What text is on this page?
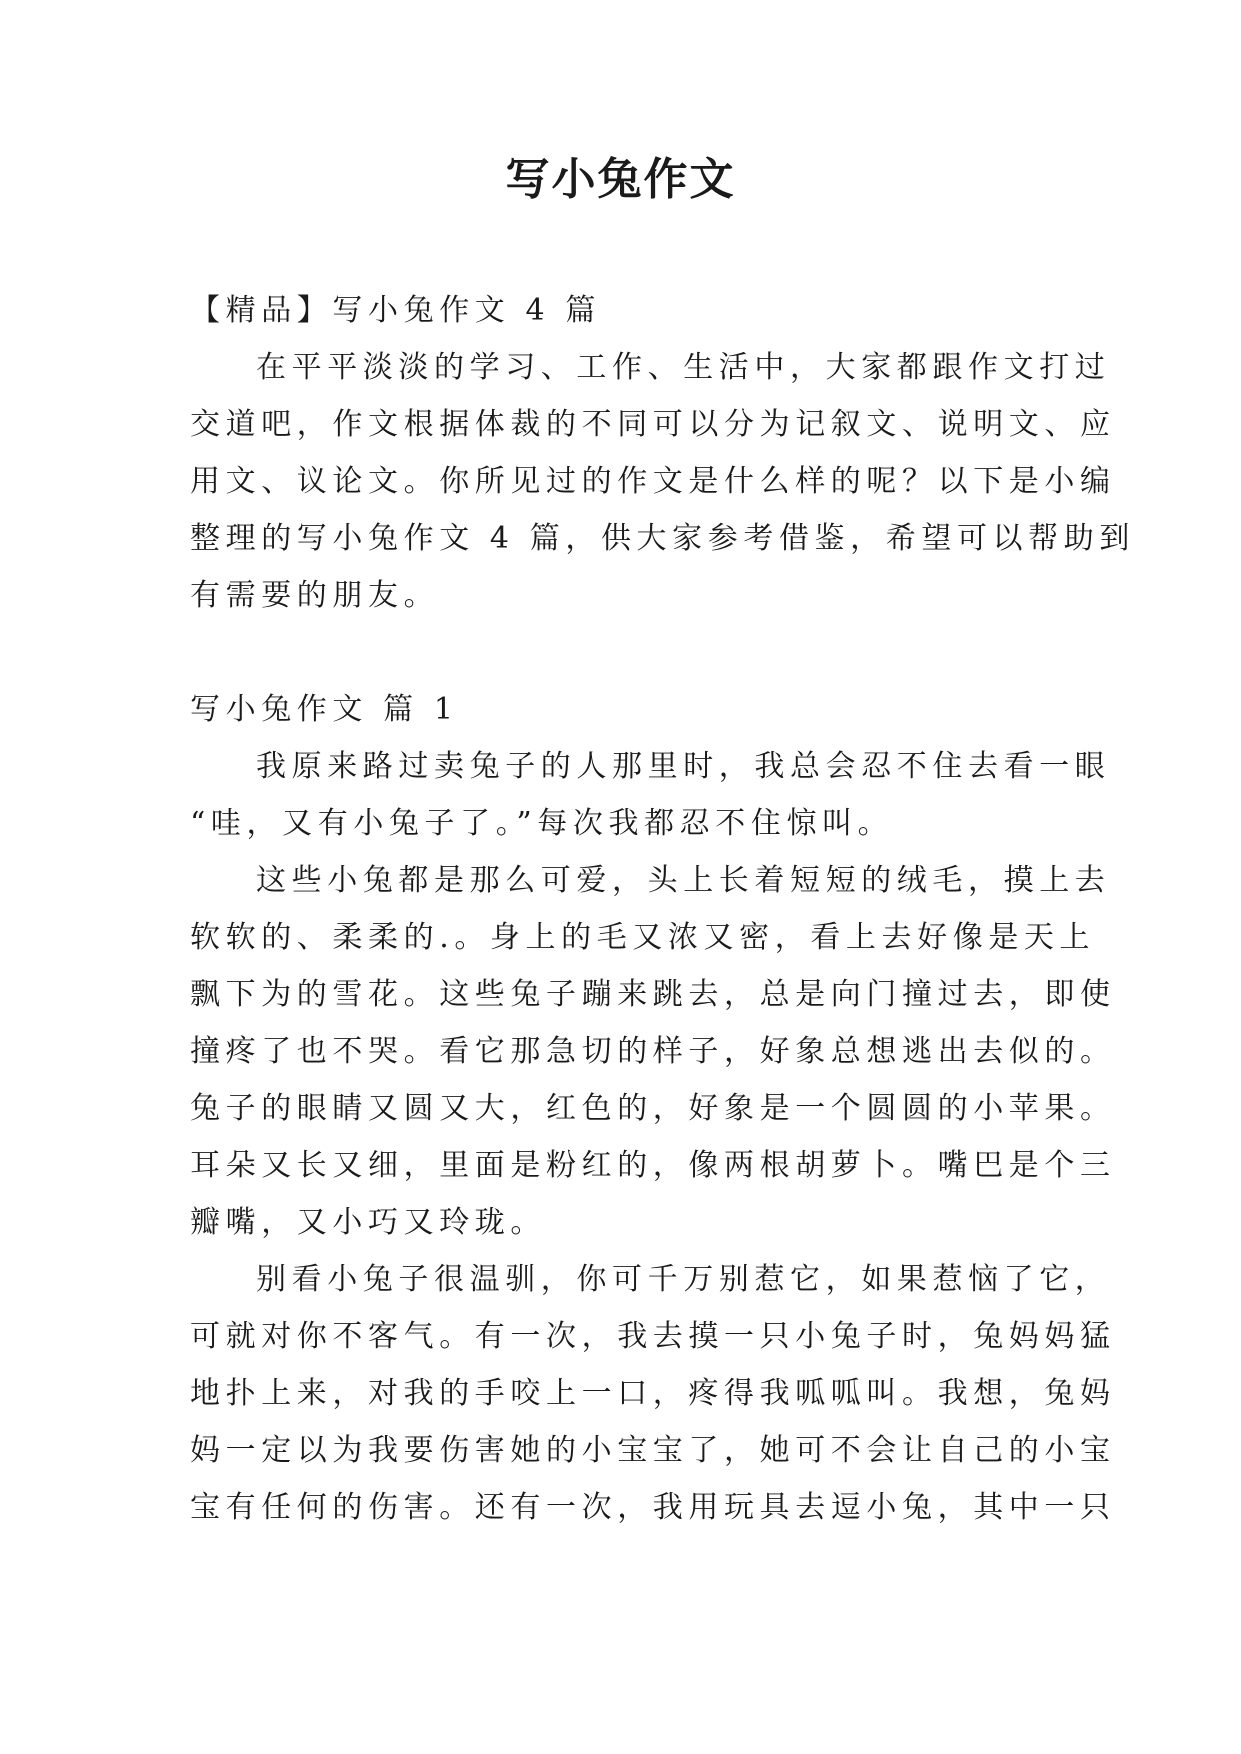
写小兔作文

【精品】写小兔作文 4 篇

在平平淡淡的学习、工作、生活中，大家都跟作文打过

交道吧，作文根据体裁的不同可以分为记叙文、说明文、应

用文、议论文。你所见过的作文是什么样的呢？以下是小编

整理的写小兔作文 4 篇，供大家参考借鉴，希望可以帮助到

有需要的朋友。

写小兔作文 篇 1

我原来路过卖兔子的人那里时，我总会忍不住去看一眼

“哇，又有小兔子了。”每次我都忍不住惊叫。

这些小兔都是那么可爱，头上长着短短的绒毛，摸上去

软软的、柔柔的.。身上的毛又浓又密，看上去好像是天上

飘下为的雪花。这些兔子蹦来跳去，总是向门撞过去，即使

撞疼了也不哭。看它那急切的样子，好象总想逃出去似的。

兔子的眼睛又圆又大，红色的，好象是一个圆圆的小苹果。

耳朵又长又细，里面是粉红的，像两根胡萝卜。嘴巴是个三

瓣嘴，又小巧又玲珑。

别看小兔子很温驯，你可千万别惹它，如果惹恼了它，

可就对你不客气。有一次，我去摸一只小兔子时，兔妈妈猛

地扑上来，对我的手咬上一口，疼得我呱呱叫。我想，兔妈

妈一定以为我要伤害她的小宝宝了，她可不会让自己的小宝

宝有任何的伤害。还有一次，我用玩具去逗小兔，其中一只
